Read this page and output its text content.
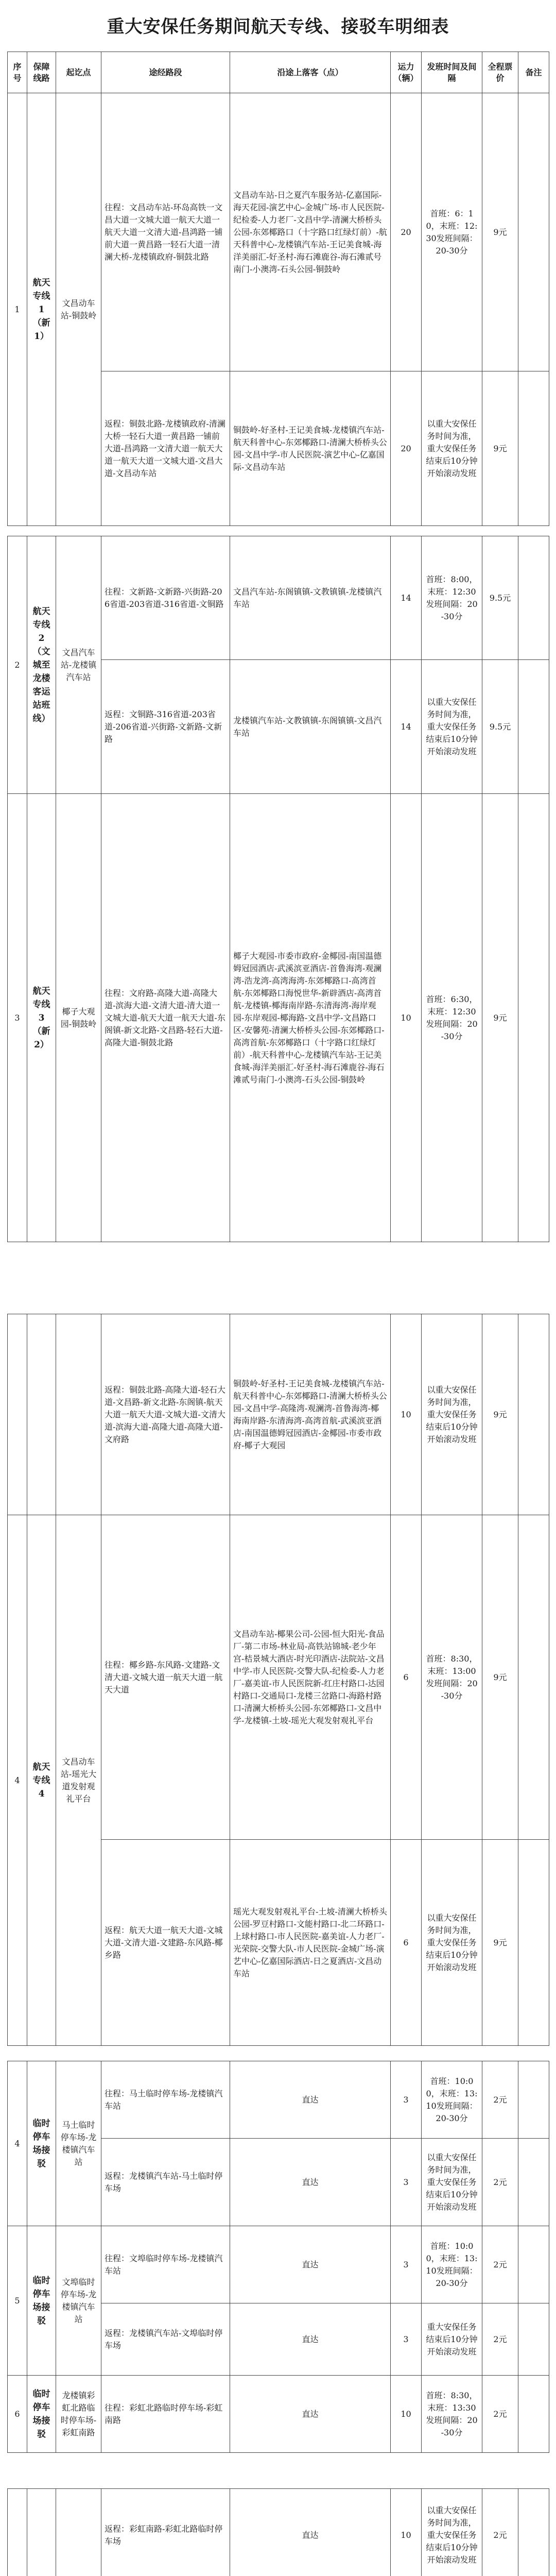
重大安保任务期间航天专线、接驳车明细表
序号	保障线路	起讫点	途经路段	沿途上落客（点）	运力（辆）	发班时间及间隔	全程票价	备注
1	航天专线1（新1）	文昌动车站-铜鼓岭	往程：文昌动车站-环岛高铁一文昌大道一文城大道一航天大道一航天大道一文清大道-昌鸿路一铺前大道一黄昌路一轻石大道一清澜大桥-龙楼镇政府-铜鼓北路	文昌动车站-日之夏汽车服务站-亿嘉国际-海天花园-演艺中心-金城广场-市人民医院-纪检委-人力老厂-文昌中学-清澜大桥桥头公园-东郊椰路口（十字路口红绿灯前）-航天科普中心-龙楼镇汽车站-王记美食城-海洋美丽汇-好圣村-海石滩鹿谷-海石滩贰号南门-小澳湾-石头公园-铜鼓岭	20	首班：6：10，末班：12:30发班间隔：20-30分	9元	
			返程：铜鼓北路-龙楼镇政府-清澜大桥一轻石大道一黄昌路一铺前大道-昌鸿路一文清大道一航天大道一航天大道一文城大道-文昌大道-文昌动车站	铜鼓岭-好圣村-王记美食城-龙楼镇汽车站-航天科普中心-东郊椰路口-清澜大桥桥头公园-文昌中学-市人民医院-演艺中心-亿嘉国际-文昌动车站	20	以重大安保任务时间为准，重大安保任务结束后10分钟开始滚动发班	9元	
2	航天专线2（文城至龙楼客运站班线）	文昌汽车站-龙楼镇汽车站	往程：文新路-文新路-兴街路-206省道-203省道-316省道-文铜路	文昌汽车站-东阁镇镇-文教镇镇-龙楼镇汽车站	14	首班：8:00，末班：12:30发班间隔：20-30分	9.5元	
			返程：文铜路-316省道-203省道-206省道-兴街路-文新路-文新路	龙楼镇汽车站-文教镇镇-东阁镇镇-文昌汽车站	14	以重大安保任务时间为准，重大安保任务结束后10分钟开始滚动发班	9.5元	
3	航天专线3（新2）	椰子大观园-铜鼓岭	往程：文府路-高隆大道-高隆大道-滨海大道-文清大道-清大道一文城大道-航天大道一航天大道-东阁镇-新文北路-文昌路-轻石大道-高隆大道-铜鼓北路	椰子大观园-市委市政府-金椰园-南国温德姆冠园酒店-武溪滨亚酒店-首鲁海湾-观澜湾-浩龙湾-高湾海湾-东郊椰路口-高湾首航-东郊椰路口海悦世华-新辟酒店-高湾首航-龙楼镇-椰海南岸路-东清海湾-海岸观园-东岸观园-椰海路-文昌中学-文昌路口区-安馨苑-清澜大桥桥头公园-东郊椰路口-高湾首航-东郊椰路口（十字路口红绿灯前）-航天科普中心-龙楼镇汽车站-王记美食城-海洋美丽汇-好圣村-海石滩鹿谷-海石滩贰号南门-小澳湾-石头公园-铜鼓岭	10	首班：6:30，末班：12:30发班间隔：20-30分	9元	
			返程：铜鼓北路-高隆大道-轻石大道-文昌路-新文北路-东阁镇-航天大道一航天大道-文城大道-文清大道-滨海大道-高隆大道-高隆大道-文府路	铜鼓岭-好圣村-王记美食城-龙楼镇汽车站-航天科普中心-东郊椰路口-清澜大桥桥头公园-文昌中学-高隆湾-观澜湾-首鲁海湾-椰海南岸路-东清海湾-高湾首航-武溪滨亚酒店-南国温德姆冠园酒店-金椰园-市委市政府-椰子大观园	10	以重大安保任务时间为准，重大安保任务结束后10分钟开始滚动发班	9元	
4	航天专线4	文昌动车站-瑶光大道发射观礼平台	往程：椰乡路-东风路-文建路-文清大道-文城大道一航天大道一航天大道	文昌动车站-椰果公司-公园-恒大阳光-食品厂-第二市场-林业局-高铁站锦城-老少年宫-桔景城大酒店-时光印酒店-法院站-文昌中学-市人民医院-交警大队-纪检委-人力老厂-嘉美谊-市人民医院新-红庄村路口-达园村路口-交通局口-龙楼三岔路口-海路村路口-清澜大桥桥头公园-东郊椰路口-文昌中学-龙楼镇-土坡-瑶光大观发射观礼平台	6	首班：8:30，末班：13:00发班间隔：20-30分	9元	
			返程：航天大道一航天大道-文城大道-文清大道-文建路-东风路-椰乡路	瑶光大观发射观礼平台-土坡-清澜大桥桥头公园-罗豆村路口-文能村路口-北二环路口-上球村路口-市人民医院-嘉美谊-人力老厂-光荣院-交警大队-市人民医院-金城广场-演艺中心-亿嘉国际酒店-日之夏酒店-文昌动车站	6	以重大安保任务时间为准，重大安保任务结束后10分钟开始滚动发班	9元	
4	临时停车场接驳	马土临时停车场-龙楼镇汽车站	往程：马土临时停车场-龙楼镇汽车站	直达	3	首班：10:00，末班：13:10发班间隔：20-30分	2元	
			返程：龙楼镇汽车站-马土临时停车场	直达	3	以重大安保任务时间为准，重大安保任务结束后10分钟开始滚动发班	2元	
5	临时停车场接驳	文埠临时停车场-龙楼镇汽车站	往程：文埠临时停车场-龙楼镇汽车站	直达	3	首班：10:00，末班：13:10发班间隔：20-30分	2元	
			返程：龙楼镇汽车站-文埠临时停车场	直达	3	重大安保任务结束后10分钟开始滚动发班	2元	
6	临时停车场接驳	龙楼镇彩虹北路临时停车场-彩虹南路	往程：彩虹北路临时停车场-彩虹南路	直达	10	首班：8:30，末班：13:30发班间隔：20-30分	2元	
			返程：彩虹南路-彩虹北路临时停车场	直达	10	以重大安保任务时间为准，重大安保任务结束后10分钟开始滚动发班	2元	
